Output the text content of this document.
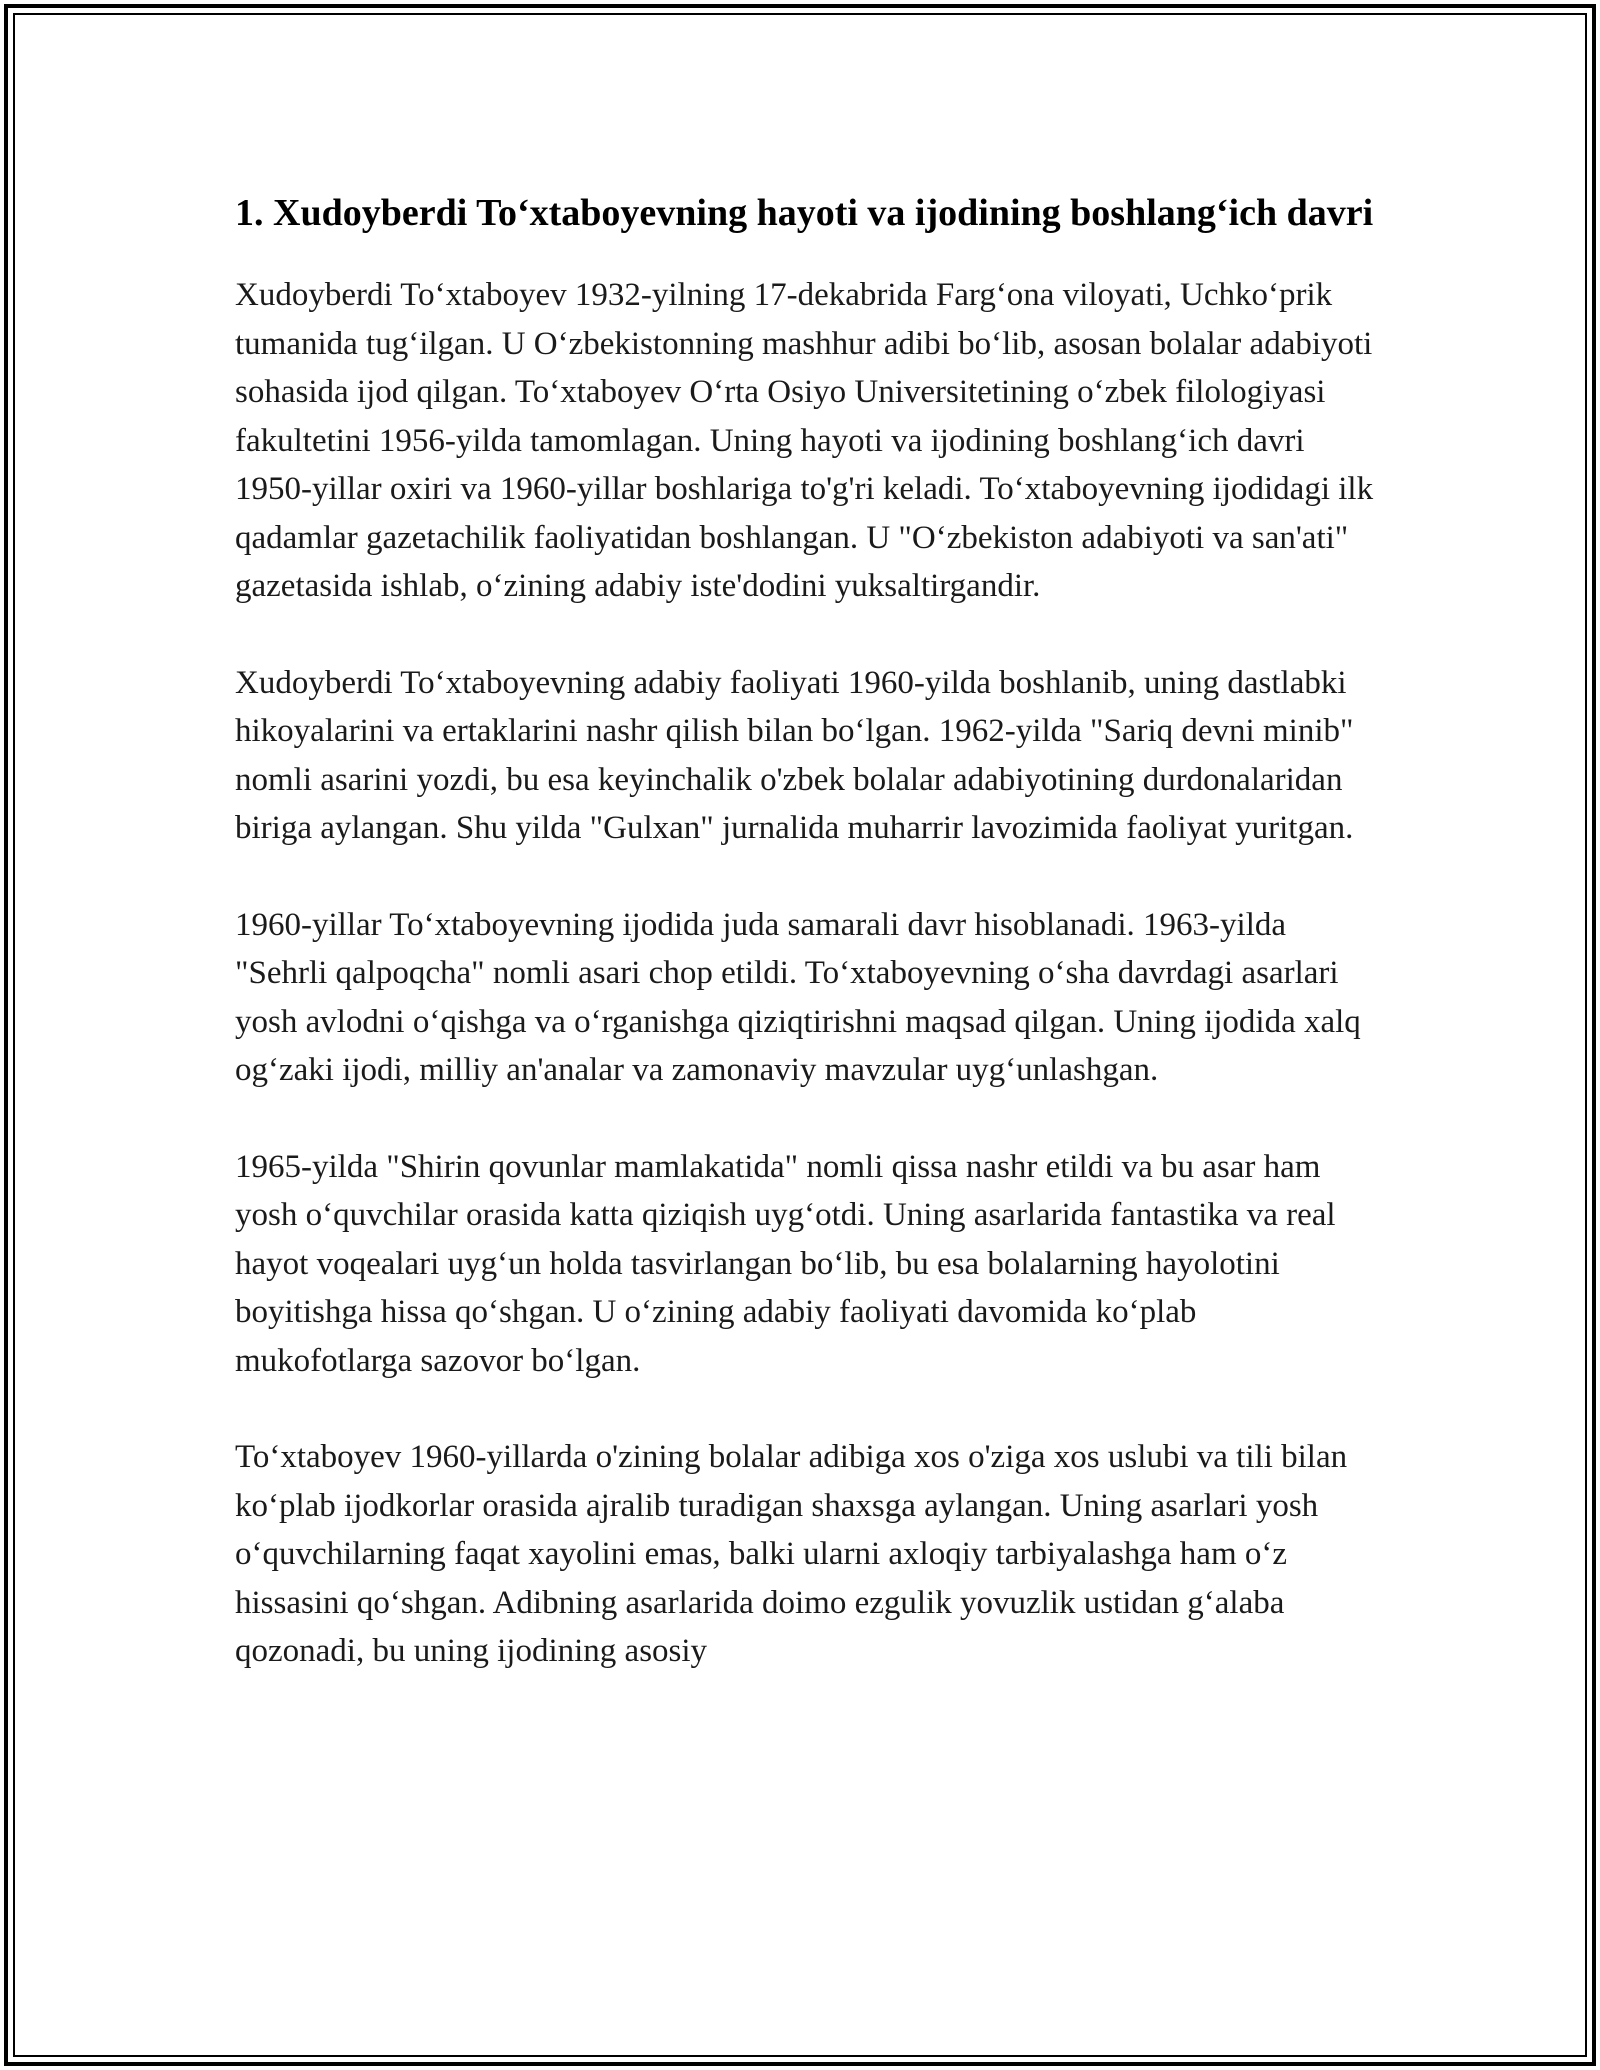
1. Xudoyberdi To‘xtaboyevning hayoti va ijodining boshlang‘ich davri

Xudoyberdi To‘xtaboyev 1932-yilning 17-dekabrida Farg‘ona viloyati, Uchko‘prik tumanida tug‘ilgan. U O‘zbekistonning mashhur adibi bo‘lib, asosan bolalar adabiyoti sohasida ijod qilgan. To‘xtaboyev O‘rta Osiyo Universitetining o‘zbek filologiyasi fakultetini 1956-yilda tamomlagan. Uning hayoti va ijodining boshlang‘ich davri 1950-yillar oxiri va 1960-yillar boshlariga to'g'ri keladi. To‘xtaboyevning ijodidagi ilk qadamlar gazetachilik faoliyatidan boshlangan. U "O‘zbekiston adabiyoti va san'ati" gazetasida ishlab, o‘zining adabiy iste'dodini yuksaltirgandir.

Xudoyberdi To‘xtaboyevning adabiy faoliyati 1960-yilda boshlanib, uning dastlabki hikoyalarini va ertaklarini nashr qilish bilan bo‘lgan. 1962-yilda "Sariq devni minib" nomli asarini yozdi, bu esa keyinchalik o'zbek bolalar adabiyotining durdonalaridan biriga aylangan. Shu yilda "Gulxan" jurnalida muharrir lavozimida faoliyat yuritgan.

1960-yillar To‘xtaboyevning ijodida juda samarali davr hisoblanadi. 1963-yilda "Sehrli qalpoqcha" nomli asari chop etildi. To‘xtaboyevning o‘sha davrdagi asarlari yosh avlodni o‘qishga va o‘rganishga qiziqtirishni maqsad qilgan. Uning ijodida xalq og‘zaki ijodi, milliy an'analar va zamonaviy mavzular uyg‘unlashgan.

1965-yilda "Shirin qovunlar mamlakatida" nomli qissa nashr etildi va bu asar ham yosh o‘quvchilar orasida katta qiziqish uyg‘otdi. Uning asarlarida fantastika va real hayot voqealari uyg‘un holda tasvirlangan bo‘lib, bu esa bolalarning hayolotini boyitishga hissa qo‘shgan. U o‘zining adabiy faoliyati davomida ko‘plab mukofotlarga sazovor bo‘lgan.

To‘xtaboyev 1960-yillarda o'zining bolalar adibiga xos o'ziga xos uslubi va tili bilan ko‘plab ijodkorlar orasida ajralib turadigan shaxsga aylangan. Uning asarlari yosh o‘quvchilarning faqat xayolini emas, balki ularni axloqiy tarbiyalashga ham o‘z hissasini qo‘shgan. Adibning asarlarida doimo ezgulik yovuzlik ustidan g‘alaba qozonadi, bu uning ijodining asosiy
